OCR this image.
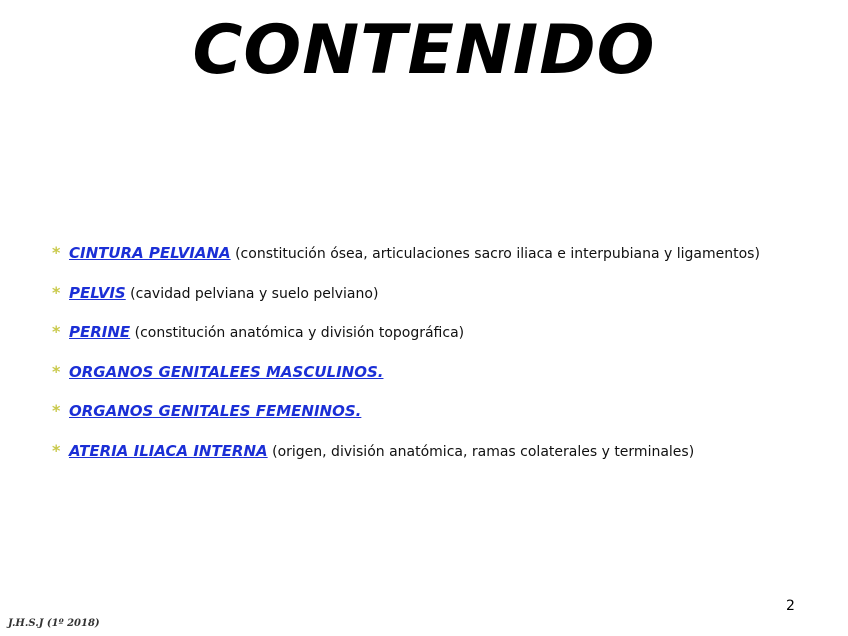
CONTENIDO
* CINTURA PELVIANA (constitución ósea, articulaciones sacro iliaca e interpubiana y ligamentos)
* PELVIS (cavidad pelviana y suelo pelviano)
* PERINE (constitución anatómica y división topográfica)
* ORGANOS GENITALEES MASCULINOS.
* ORGANOS GENITALES FEMENINOS.
* ATERIA ILIACA INTERNA (origen, división anatómica, ramas colaterales y terminales)
2
J.H.S.J (1º 2018)
